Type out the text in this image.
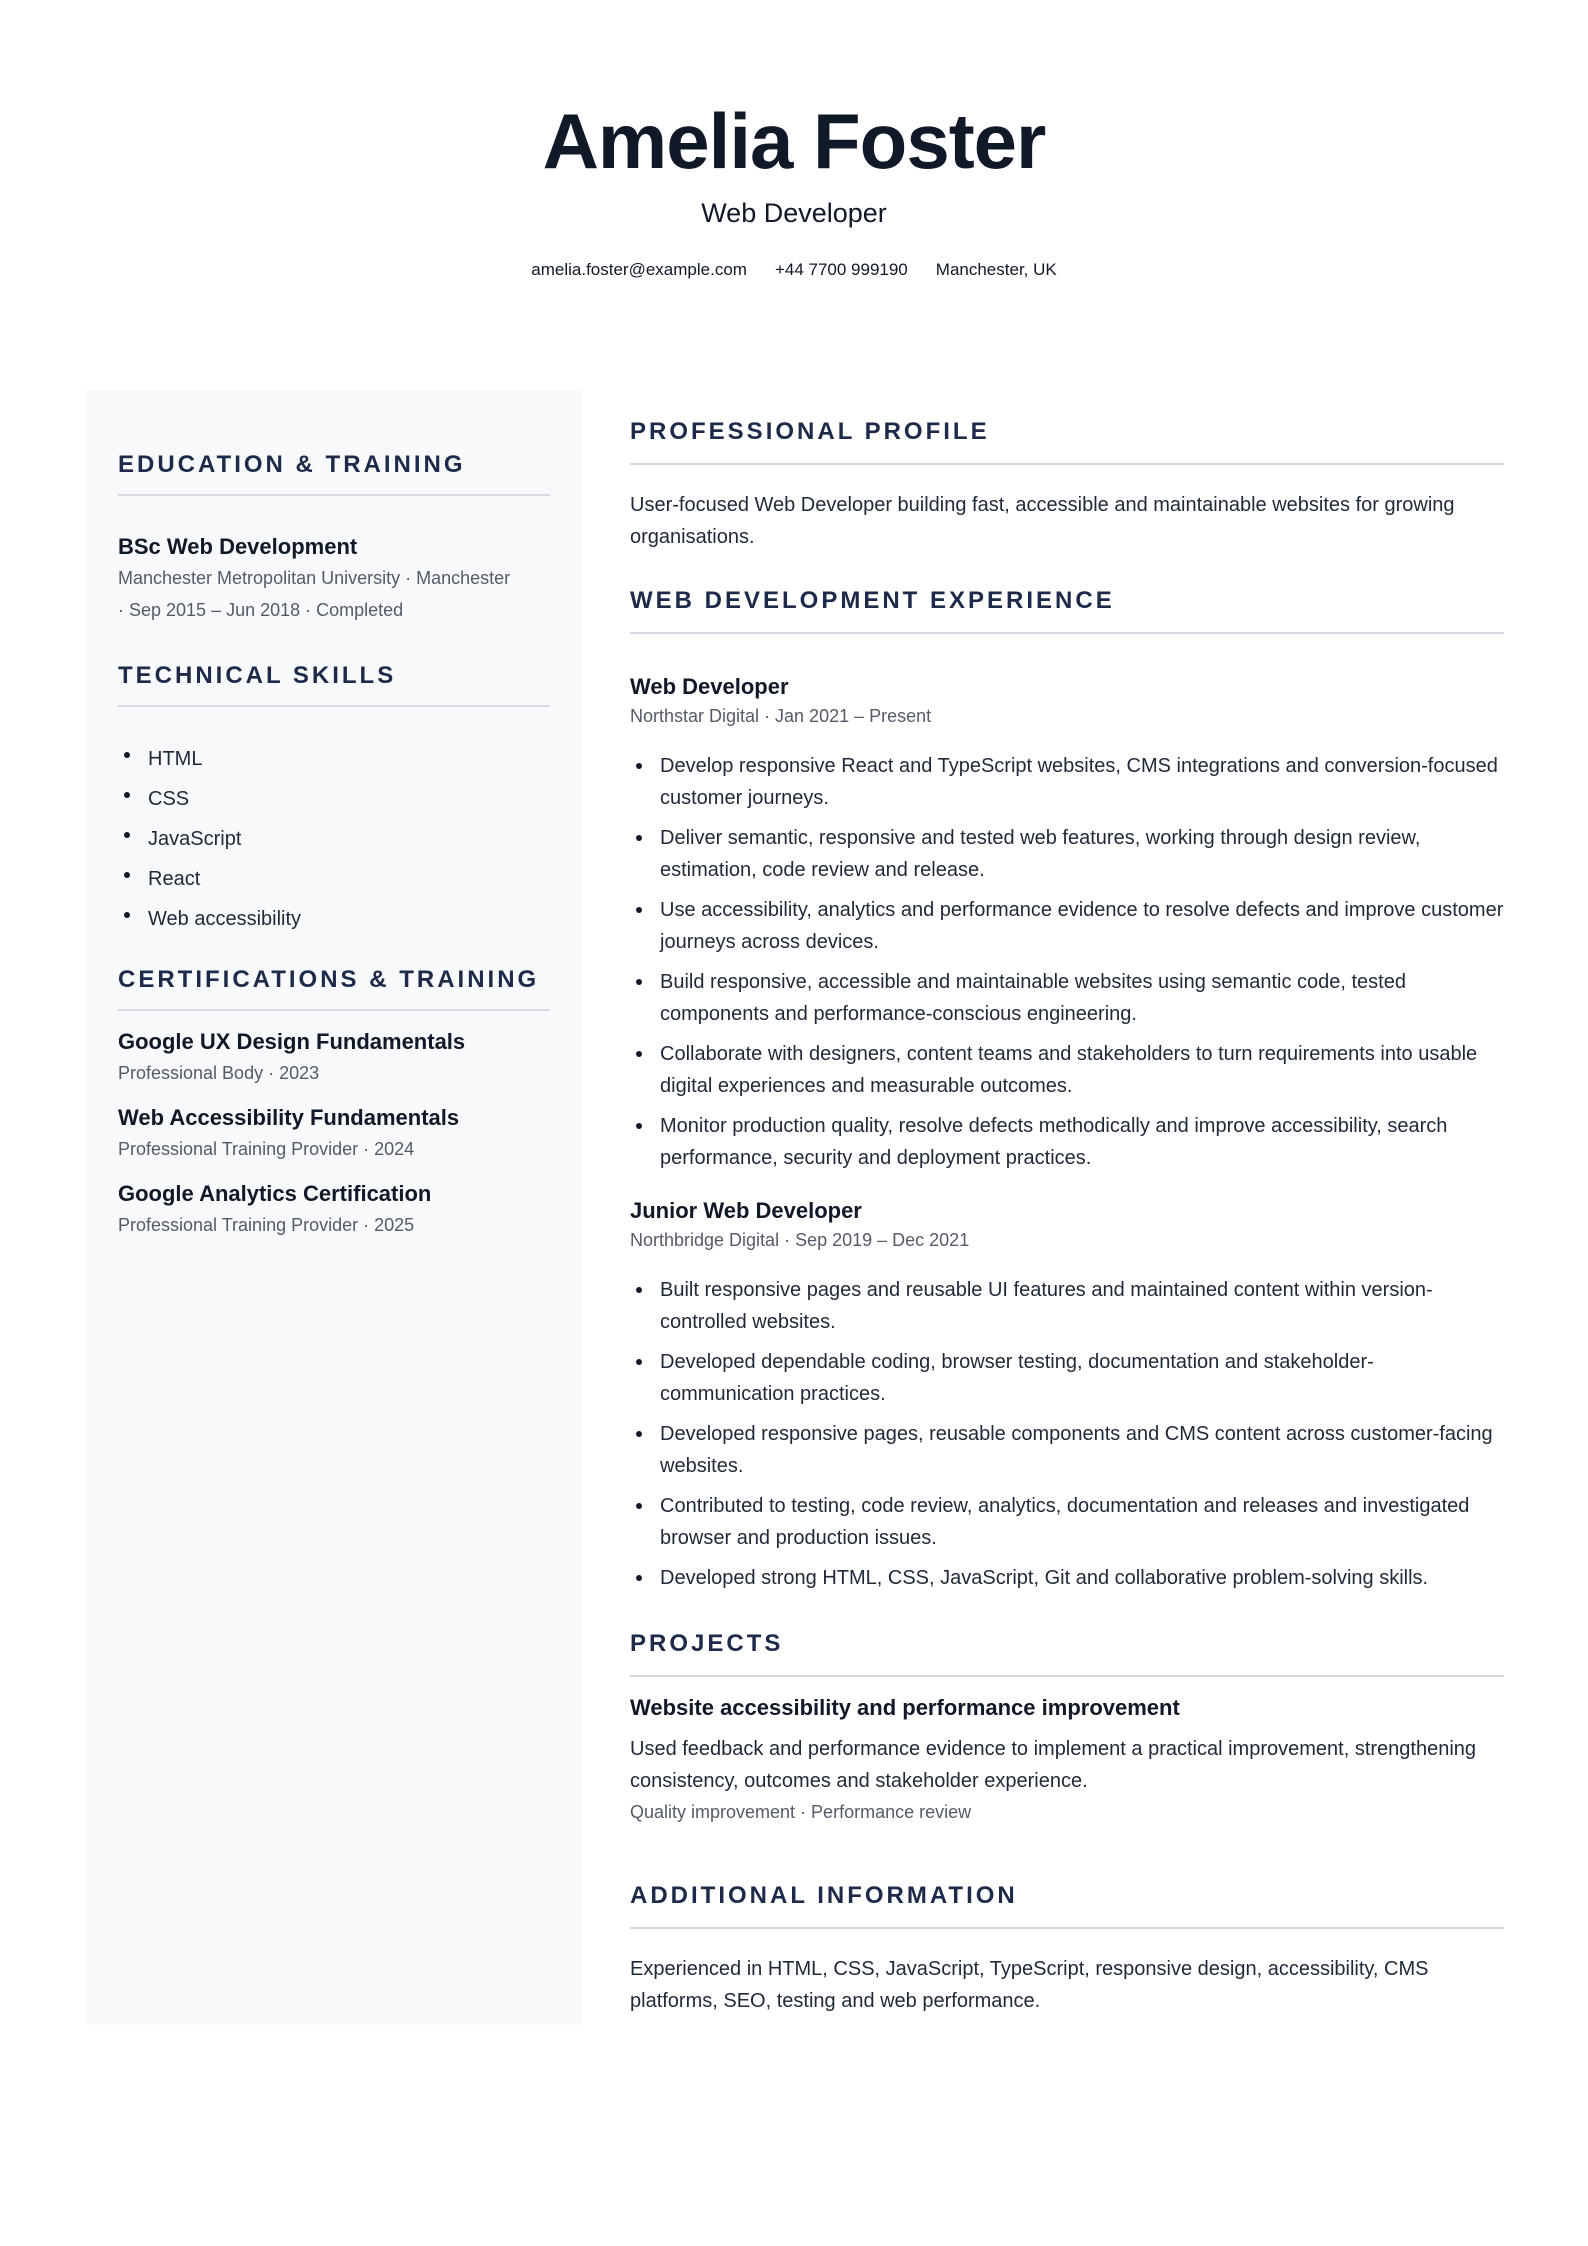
Amelia Foster
Web Developer
amelia.foster@example.com +44 7700 999190 Manchester, UK
EDUCATION & TRAINING
BSc Web Development
Manchester Metropolitan University · Manchester
· Sep 2015 – Jun 2018 · Completed
TECHNICAL SKILLS
HTML
CSS
JavaScript
React
Web accessibility
CERTIFICATIONS & TRAINING
Google UX Design Fundamentals
Professional Body · 2023
Web Accessibility Fundamentals
Professional Training Provider · 2024
Google Analytics Certification
Professional Training Provider · 2025
PROFESSIONAL PROFILE
User-focused Web Developer building fast, accessible and maintainable websites for growing organisations.
WEB DEVELOPMENT EXPERIENCE
Web Developer
Northstar Digital · Jan 2021 – Present
Develop responsive React and TypeScript websites, CMS integrations and conversion-focused customer journeys.
Deliver semantic, responsive and tested web features, working through design review, estimation, code review and release.
Use accessibility, analytics and performance evidence to resolve defects and improve customer journeys across devices.
Build responsive, accessible and maintainable websites using semantic code, tested components and performance-conscious engineering.
Collaborate with designers, content teams and stakeholders to turn requirements into usable digital experiences and measurable outcomes.
Monitor production quality, resolve defects methodically and improve accessibility, search performance, security and deployment practices.
Junior Web Developer
Northbridge Digital · Sep 2019 – Dec 2021
Built responsive pages and reusable UI features and maintained content within version-controlled websites.
Developed dependable coding, browser testing, documentation and stakeholder-communication practices.
Developed responsive pages, reusable components and CMS content across customer-facing websites.
Contributed to testing, code review, analytics, documentation and releases and investigated browser and production issues.
Developed strong HTML, CSS, JavaScript, Git and collaborative problem-solving skills.
PROJECTS
Website accessibility and performance improvement
Used feedback and performance evidence to implement a practical improvement, strengthening consistency, outcomes and stakeholder experience.
Quality improvement · Performance review
ADDITIONAL INFORMATION
Experienced in HTML, CSS, JavaScript, TypeScript, responsive design, accessibility, CMS platforms, SEO, testing and web performance.
